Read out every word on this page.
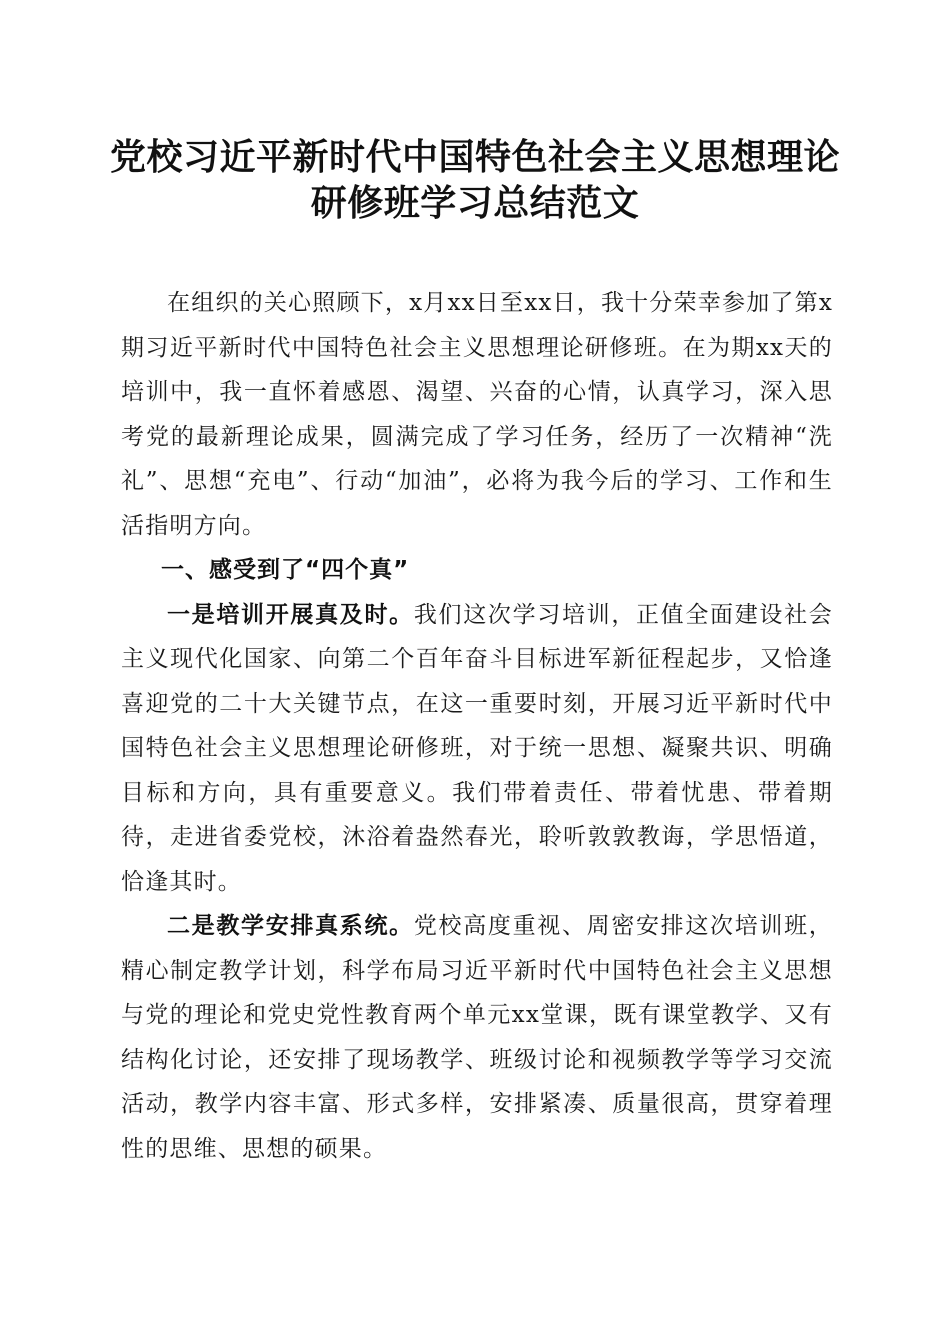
党校习近平新时代中国特色社会主义思想理论
研修班学习总结范文

在组织的关心照顾下，x月xx日至xx日，我十分荣幸参加了第x期习近平新时代中国特色社会主义思想理论研修班。在为期xx天的培训中，我一直怀着感恩、渴望、兴奋的心情，认真学习，深入思考党的最新理论成果，圆满完成了学习任务，经历了一次精神“洗礼”、思想“充电”、行动“加油”，必将为我今后的学习、工作和生活指明方向。

一、感受到了“四个真”

一是培训开展真及时。我们这次学习培训，正值全面建设社会主义现代化国家、向第二个百年奋斗目标进军新征程起步，又恰逢喜迎党的二十大关键节点，在这一重要时刻，开展习近平新时代中国特色社会主义思想理论研修班，对于统一思想、凝聚共识、明确目标和方向，具有重要意义。我们带着责任、带着忧患、带着期待，走进省委党校，沐浴着盎然春光，聆听敦敦教诲，学思悟道，恰逢其时。

二是教学安排真系统。党校高度重视、周密安排这次培训班，精心制定教学计划，科学布局习近平新时代中国特色社会主义思想与党的理论和党史党性教育两个单元xx堂课，既有课堂教学、又有结构化讨论，还安排了现场教学、班级讨论和视频教学等学习交流活动，教学内容丰富、形式多样，安排紧凑、质量很高，贯穿着理性的思维、思想的硕果。
